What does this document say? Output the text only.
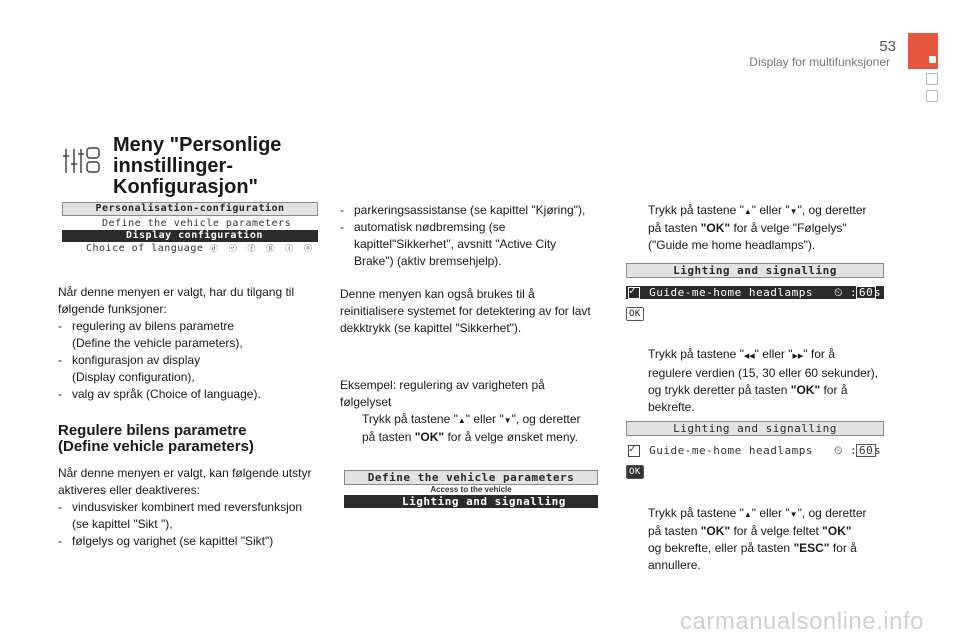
53
Display for multifunksjoner
Meny "Personlige
innstillinger-
Konfigurasjon"
Personalisation-configuration
Define the vehicle parameters
Display configuration
Choice of language ⓓ ⓔ ⓕ ⓖ ⓘ ⓝ

Når denne menyen er valgt, har du tilgang til

følgende funksjoner:

- regulering av bilens parametre
(Define the vehicle parameters),
- konfigurasjon av display
(Display configuration),
- valg av språk (Choice of language).
Regulere bilens parametre
(Define vehicle parameters)

Når denne menyen er valgt, kan følgende utstyr

aktiveres eller deaktiveres:

- vindusvisker kombinert med reversfunksjon
(se kapittel "Sikt "),
- følgelys og varighet (se kapittel "Sikt")
- parkeringsassistanse (se kapittel "Kjøring"),
- automatisk nødbremsing (se
kapittel"Sikkerhet", avsnitt "Active City
Brake") (aktiv bremsehjelp).

Denne menyen kan også brukes til å

reinitialisere systemet for detektering av for lavt

dekktrykk (se kapittel "Sikkerhet").

Eksempel: regulering av varigheten på

følgelyset

Trykk på tastene "▲" eller "▼", og deretter
på tasten "OK" for å velge ønsket meny.
Define the vehicle parameters
Access to the vehicle
Lighting and signalling
Trykk på tastene "▲" eller "▼", og deretter
på tasten "OK" for å velge "Følgelys"
("Guide me home headlamps").
Lighting and signalling
✓ Guide-me-home headlamps ⏲ : 60 s
OK
Trykk på tastene "◀◀" eller "▶▶" for å
regulere verdien (15, 30 eller 60 sekunder),
og trykk deretter på tasten "OK" for å
bekrefte.
Lighting and signalling
✓ Guide-me-home headlamps ⏲ : 60 s
OK
Trykk på tastene "▲" eller "▼", og deretter
på tasten "OK" for å velge feltet "OK"
og bekrefte, eller på tasten "ESC" for å
annullere.
carmanualsonline.info
